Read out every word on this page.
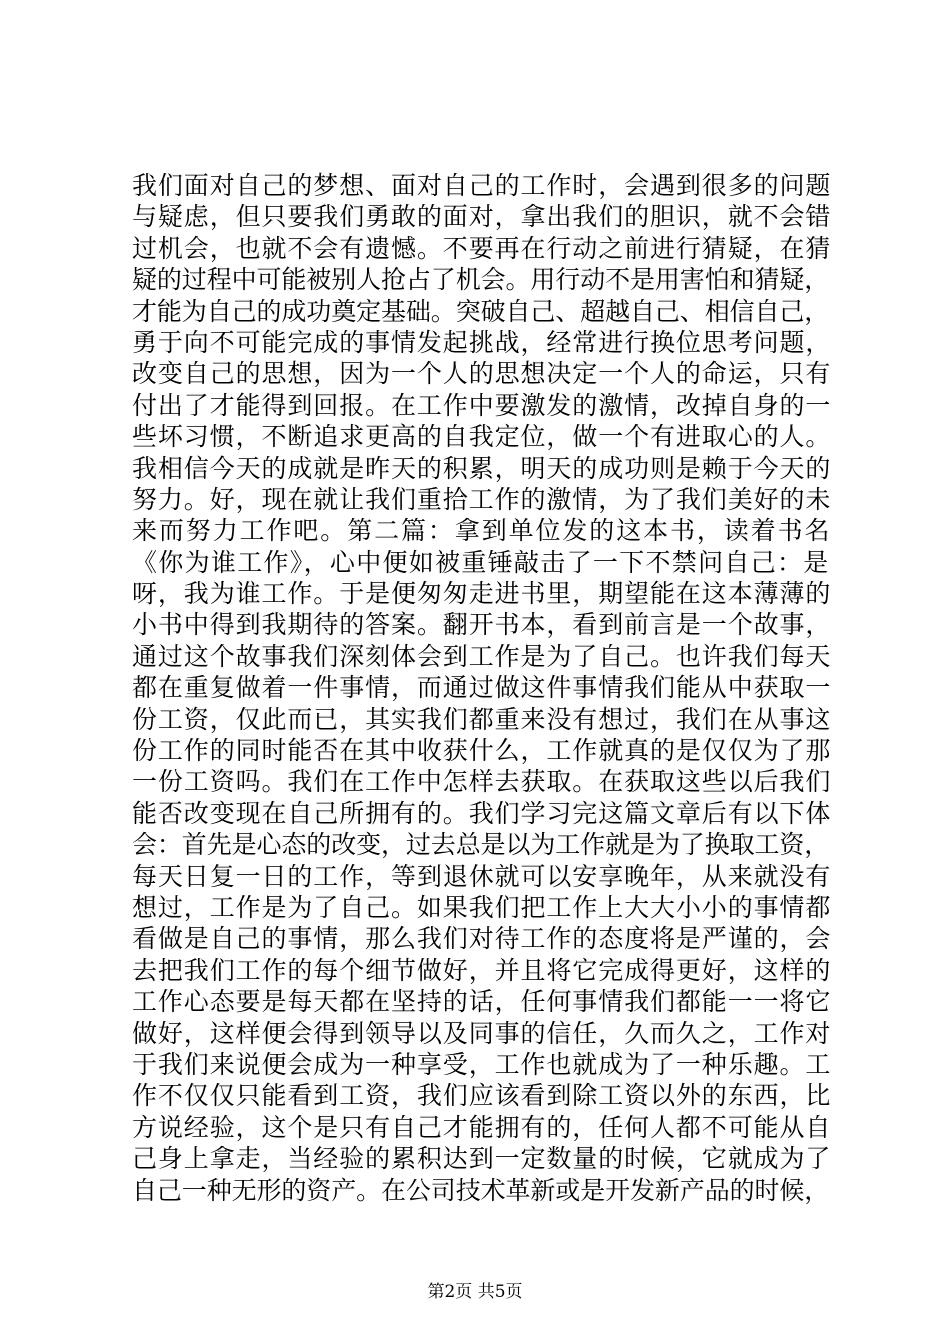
我们面对自己的梦想、面对自己的工作时，会遇到很多的问题
与疑虑，但只要我们勇敢的面对，拿出我们的胆识，就不会错
过机会，也就不会有遗憾。不要再在行动之前进行猜疑，在猜
疑的过程中可能被别人抢占了机会。用行动不是用害怕和猜疑，
才能为自己的成功奠定基础。突破自己、超越自己、相信自己，
勇于向不可能完成的事情发起挑战，经常进行换位思考问题，
改变自己的思想，因为一个人的思想决定一个人的命运，只有
付出了才能得到回报。在工作中要激发的激情，改掉自身的一
些坏习惯，不断追求更高的自我定位，做一个有进取心的人。
我相信今天的成就是昨天的积累，明天的成功则是赖于今天的
努力。好，现在就让我们重拾工作的激情，为了我们美好的未
来而努力工作吧。第二篇：拿到单位发的这本书，读着书名
《你为谁工作》，心中便如被重锤敲击了一下不禁问自己：是
呀，我为谁工作。于是便匆匆走进书里，期望能在这本薄薄的
小书中得到我期待的答案。翻开书本，看到前言是一个故事，
通过这个故事我们深刻体会到工作是为了自己。也许我们每天
都在重复做着一件事情，而通过做这件事情我们能从中获取一
份工资，仅此而已，其实我们都重来没有想过，我们在从事这
份工作的同时能否在其中收获什么，工作就真的是仅仅为了那
一份工资吗。我们在工作中怎样去获取。在获取这些以后我们
能否改变现在自己所拥有的。我们学习完这篇文章后有以下体
会：首先是心态的改变，过去总是以为工作就是为了换取工资，
每天日复一日的工作，等到退休就可以安享晚年，从来就没有
想过，工作是为了自己。如果我们把工作上大大小小的事情都
看做是自己的事情，那么我们对待工作的态度将是严谨的，会
去把我们工作的每个细节做好，并且将它完成得更好，这样的
工作心态要是每天都在坚持的话，任何事情我们都能一一将它
做好，这样便会得到领导以及同事的信任，久而久之，工作对
于我们来说便会成为一种享受，工作也就成为了一种乐趣。工
作不仅仅只能看到工资，我们应该看到除工资以外的东西，比
方说经验，这个是只有自己才能拥有的，任何人都不可能从自
己身上拿走，当经验的累积达到一定数量的时候，它就成为了
自己一种无形的资产。在公司技术革新或是开发新产品的时候，
第2页 共5页
